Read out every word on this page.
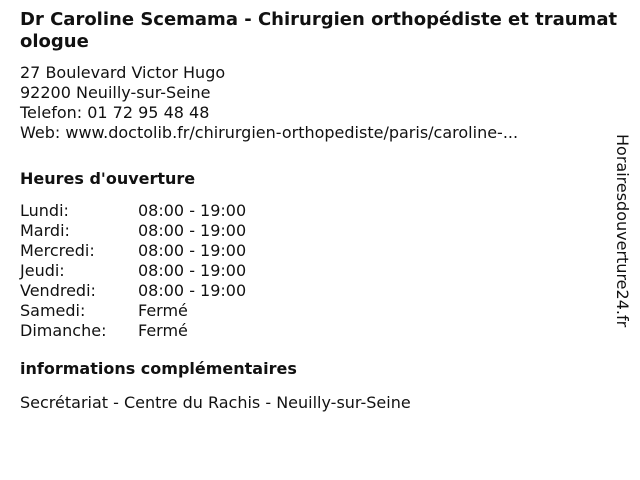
Dr Caroline Scemama - Chirurgien orthopédiste et traumatologue
27 Boulevard Victor Hugo
92200 Neuilly-sur-Seine
Telefon: 01 72 95 48 48
Web: www.doctolib.fr/chirurgien-orthopediste/paris/caroline-...
Heures d'ouverture
Lundi:	08:00 - 19:00
Mardi:	08:00 - 19:00
Mercredi:	08:00 - 19:00
Jeudi:	08:00 - 19:00
Vendredi:	08:00 - 19:00
Samedi:	Fermé
Dimanche:	Fermé
informations complémentaires
Secrétariat - Centre du Rachis - Neuilly-sur-Seine
Horairesdouverture24.fr
